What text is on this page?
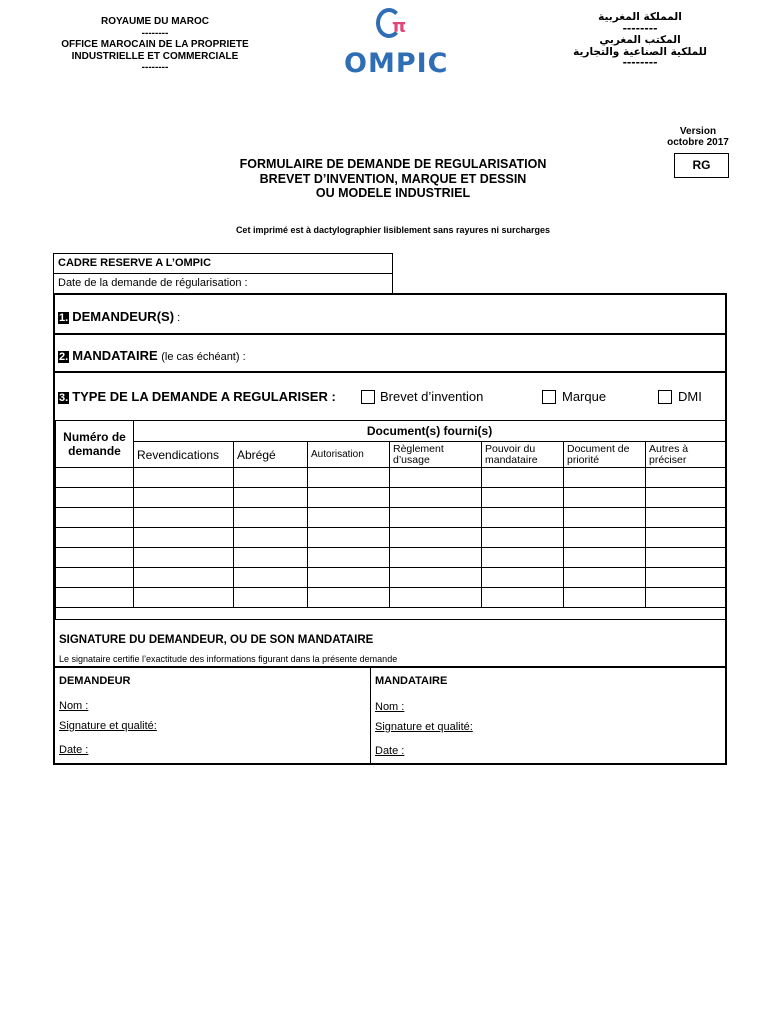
ROYAUME DU MAROC
--------
OFFICE MAROCAIN DE LA PROPRIETE
INDUSTRIELLE ET COMMERCIALE
--------
π
OMPIC
المملكة المغربية
--------
المكتب المغربي
للملكية الصناعية والتجارية
--------
Version
octobre 2017
RG
FORMULAIRE DE DEMANDE DE REGULARISATION
BREVET D’INVENTION, MARQUE ET DESSIN
OU MODELE INDUSTRIEL
Cet imprimé est à dactylographier lisiblement sans rayures ni surcharges
CADRE RESERVE A L’OMPIC
Date de la demande de régularisation :
1. DEMANDEUR(S) :
2. MANDATAIRE (le cas échéant) :
3. TYPE DE LA DEMANDE A REGULARISER :	Brevet d’invention	Marque	DMI
Numéro de demande	Document(s) fourni(s)						
	Revendications	Abrégé	Autorisation	Règlement d’usage	Pouvoir du mandataire	Document de priorité	Autres à préciser

SIGNATURE DU DEMANDEUR, OU DE SON MANDATAIRE
Le signataire certifie l’exactitude des informations figurant dans la présente demande
DEMANDEUR
Nom :
Signature et qualité:
Date :
MANDATAIRE
Nom :
Signature et qualité:
Date :
